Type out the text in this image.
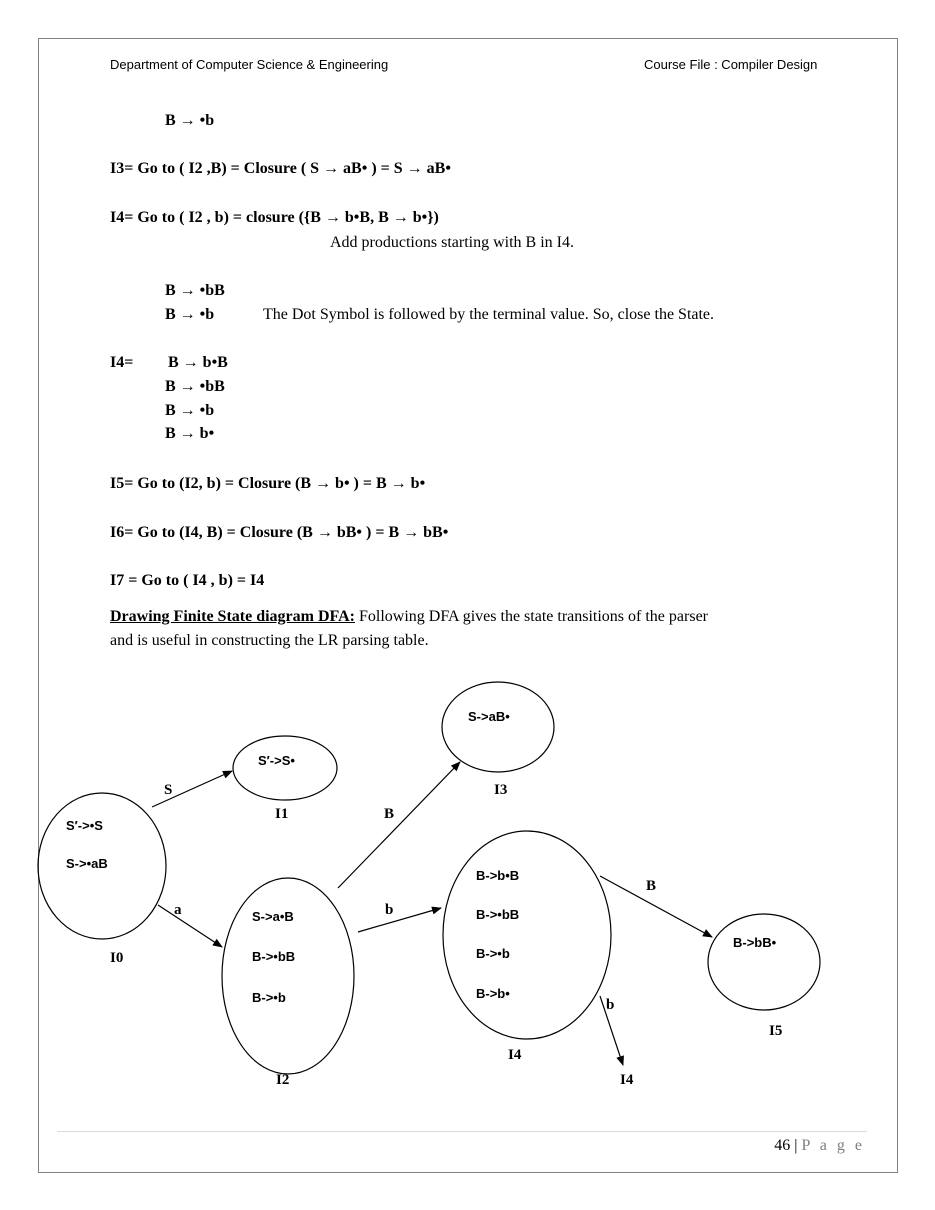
Department of Computer Science & Engineering	Course File : Compiler Design
B → •b
I3= Go to ( I2 ,B) = Closure ( S → aB• ) = S → aB•
I4= Go to ( I2 , b) = closure ({B → b•B, B → b•})
Add productions starting with B in I4.
B → •bB
B → •b	The Dot Symbol is followed by the terminal value. So, close the State.
I4= B → b•B
B → •bB
B → •b
B → b•
I5= Go to (I2, b) = Closure (B → b• ) = B → b•
I6= Go to (I4, B) = Closure (B → bB• ) = B → bB•
I7 = Go to ( I4 , b) = I4
Drawing Finite State diagram DFA: Following DFA gives the state transitions of the parser
and is useful in constructing the LR parsing table.
S′->•S
S->•aB
I0
S′->S•
I1
S->a•B
B->•bB
B->•b
I2
S->aB•
I3
B->b•B
B->•bB
B->•b
B->b•
I4
B->bB•
I5
S
a
B
b
B
b
I4
46 | P a g e
